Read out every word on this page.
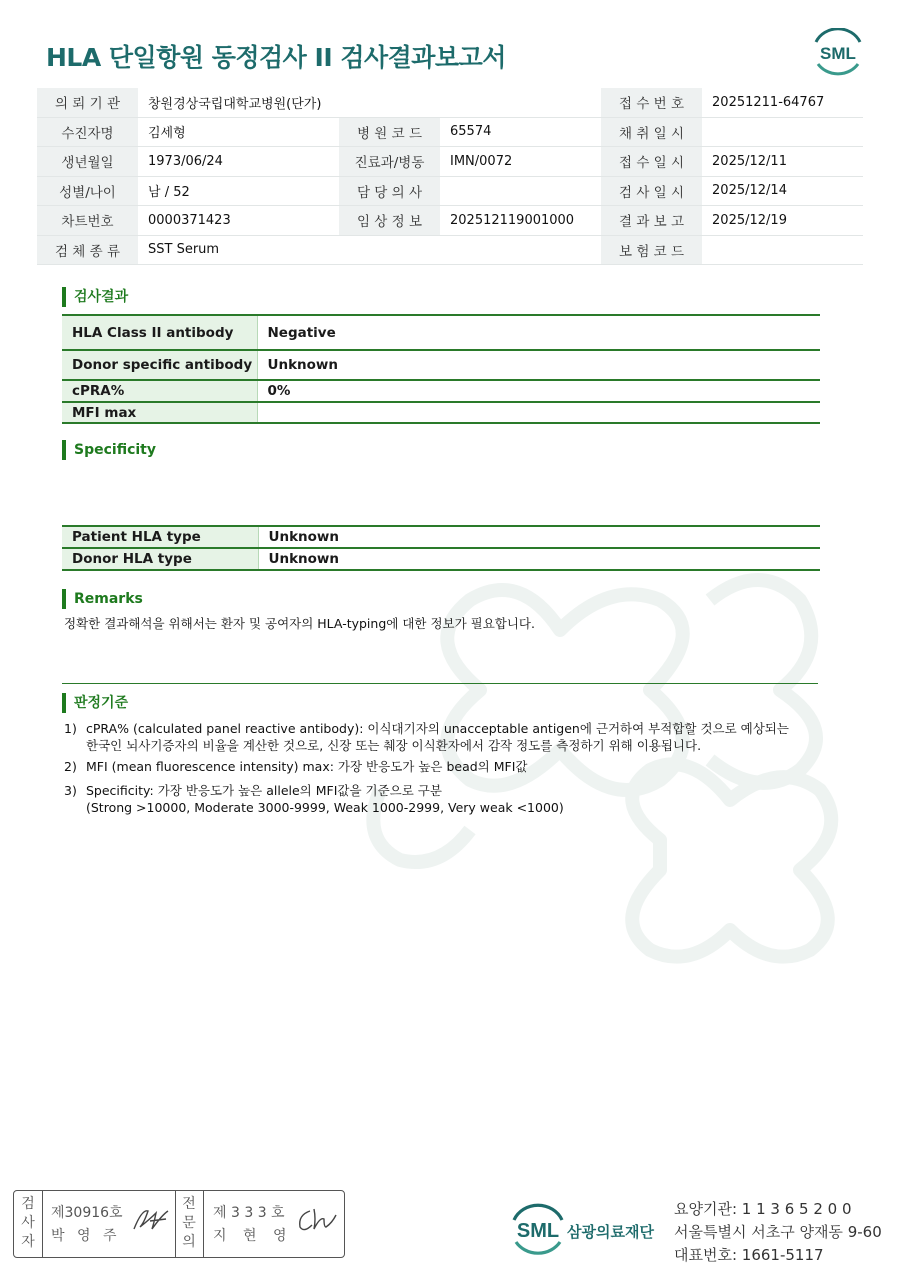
HLA 단일항원 동정검사 II 검사결과보고서	SML
의 뢰 기 관	창원경상국립대학교병원(단가)			접 수 번 호	20251211-64767
수진자명	김세형	병 원 코 드	65574	채 취 일 시	
생년월일	1973/06/24	진료과/병동	IMN/0072	접 수 일 시	2025/12/11
성별/나이	남 / 52	담 당 의 사		검 사 일 시	2025/12/14
차트번호	0000371423	임 상 정 보	202512119001000	결 과 보 고	2025/12/19
검 체 종 류	SST Serum			보 험 코 드	
검사결과
HLA Class II antibody	Negative
Donor specific antibody	Unknown
cPRA%	0%
MFI max	
Specificity
Patient HLA type	Unknown
Donor HLA type	Unknown
Remarks
정확한 결과해석을 위해서는 환자 및 공여자의 HLA-typing에 대한 정보가 필요합니다.
판정기준
1) cPRA% (calculated panel reactive antibody): 이식대기자의 unacceptable antigen에 근거하여 부적합할 것으로 예상되는
한국인 뇌사기증자의 비율을 계산한 것으로, 신장 또는 췌장 이식환자에서 감작 정도를 측정하기 위해 이용됩니다.
2) MFI (mean fluorescence intensity) max: 가장 반응도가 높은 bead의 MFI값
3) Specificity: 가장 반응도가 높은 allele의 MFI값을 기준으로 구분
(Strong >10000, Moderate 3000-9999, Weak 1000-2999, Very weak <1000)
검
사
자
제30916호
박 영 주
전
문
의
제 3 3 3 호
지 현 영	SML 삼광의료재단
요양기관: 1 1 3 6 5 2 0 0
서울특별시 서초구 양재동 9-60
대표번호: 1661-5117
